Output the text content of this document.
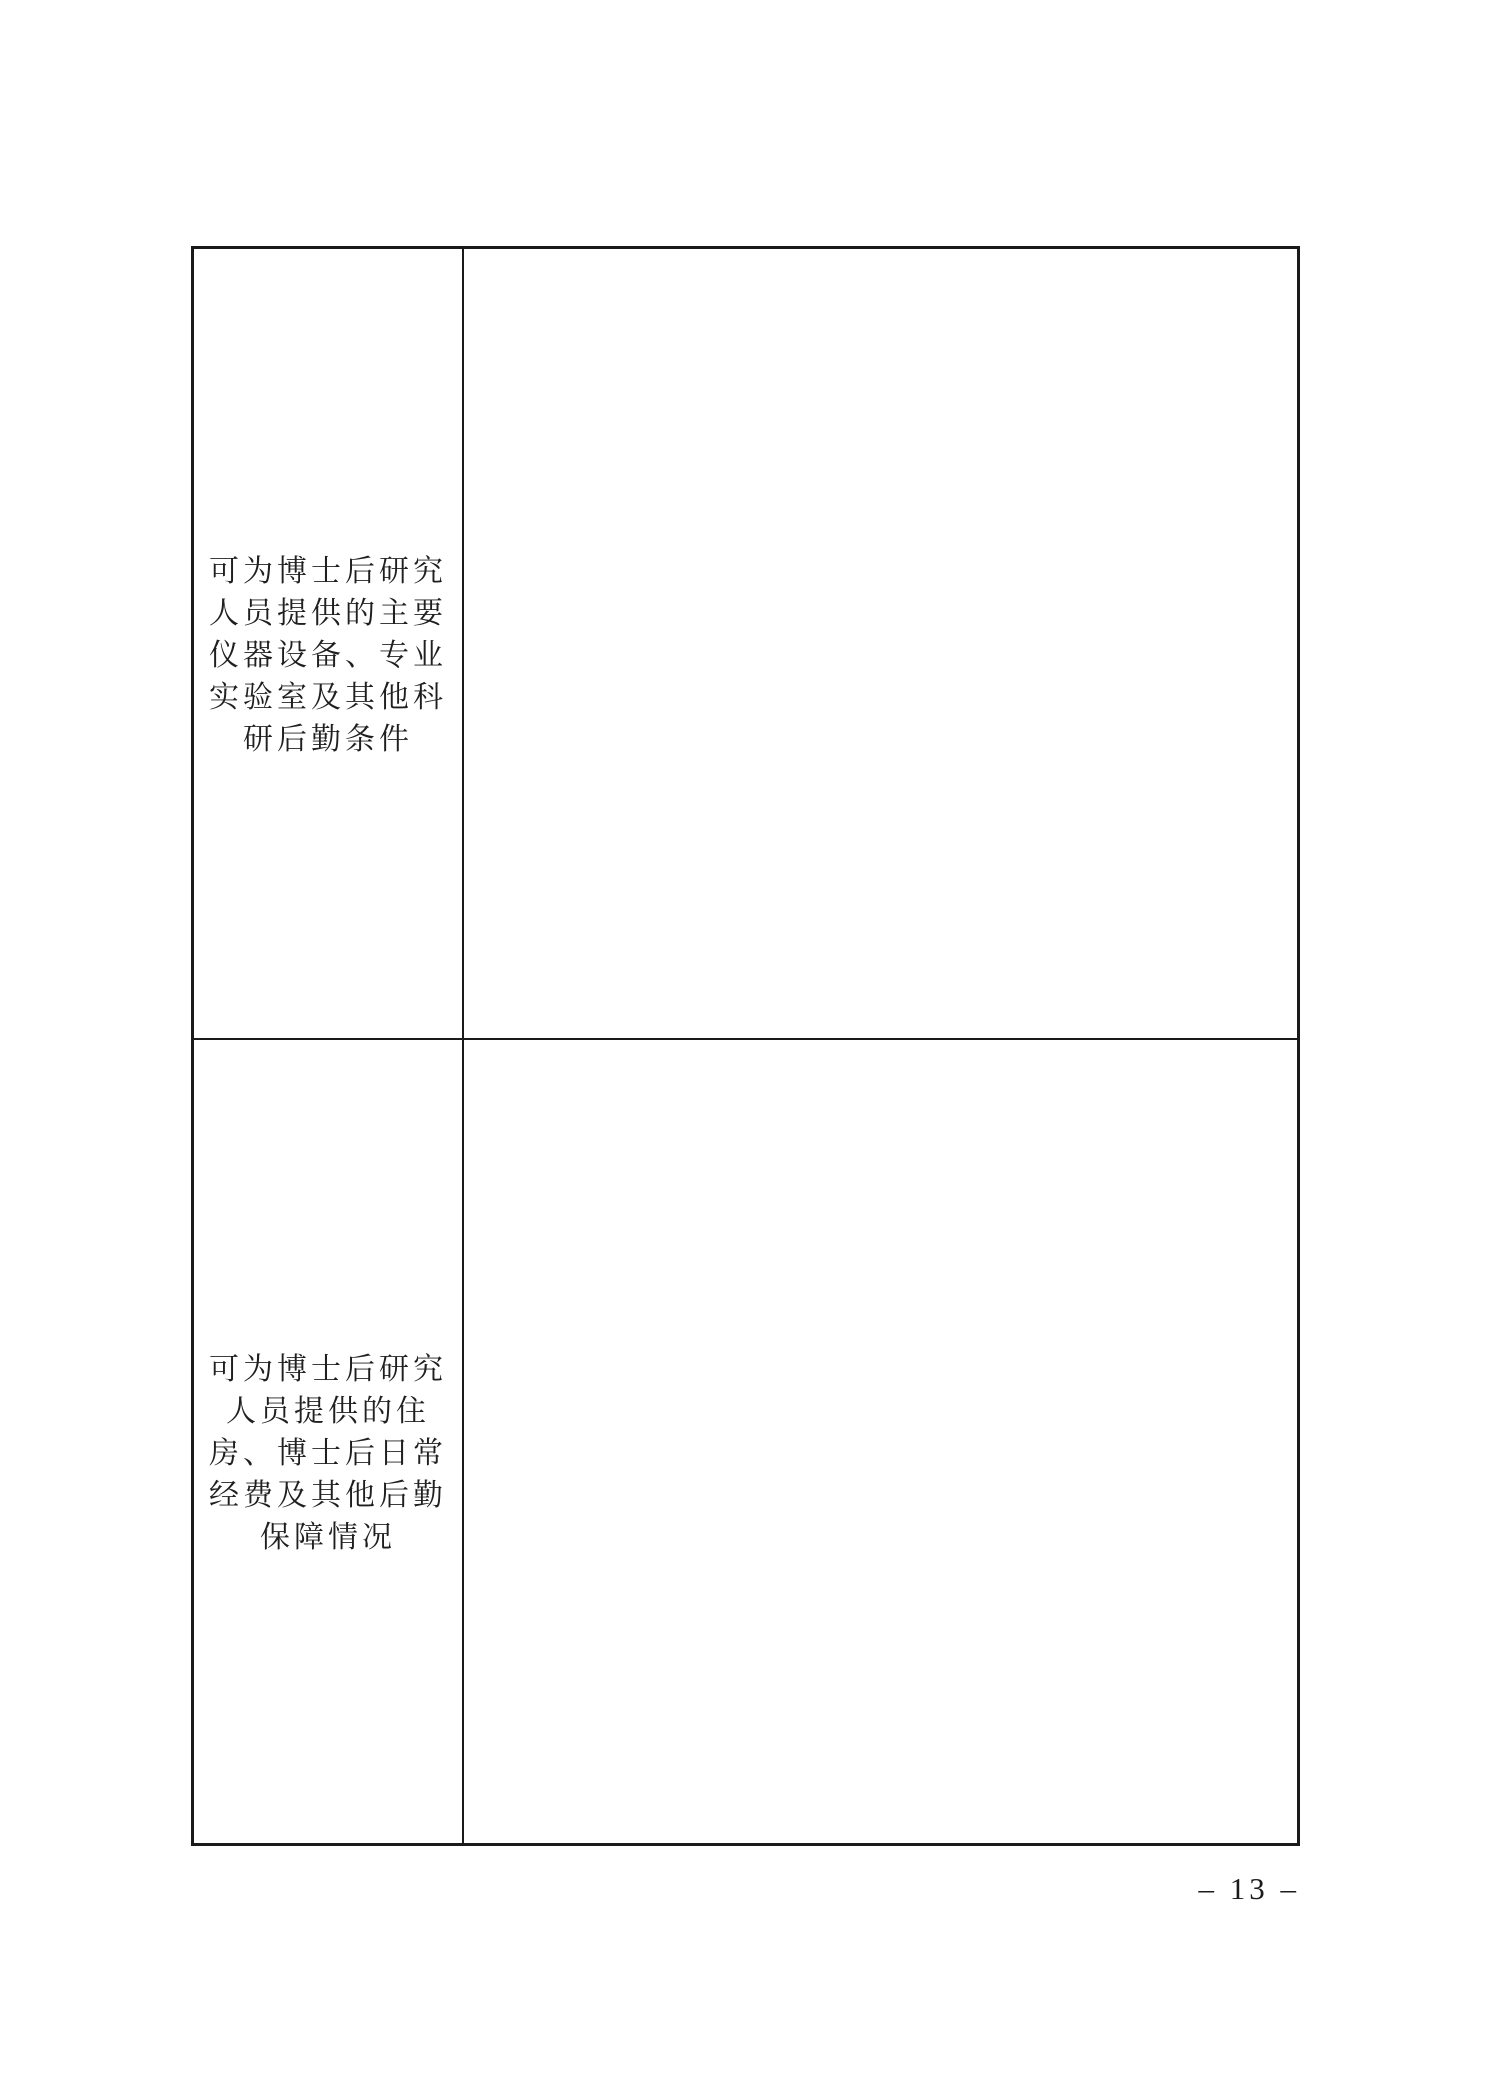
可为博士后研究
人员提供的主要
仪器设备、专业
实验室及其他科
研后勤条件
可为博士后研究
人员提供的住
房、博士后日常
经费及其他后勤
保障情况
– 13 –
